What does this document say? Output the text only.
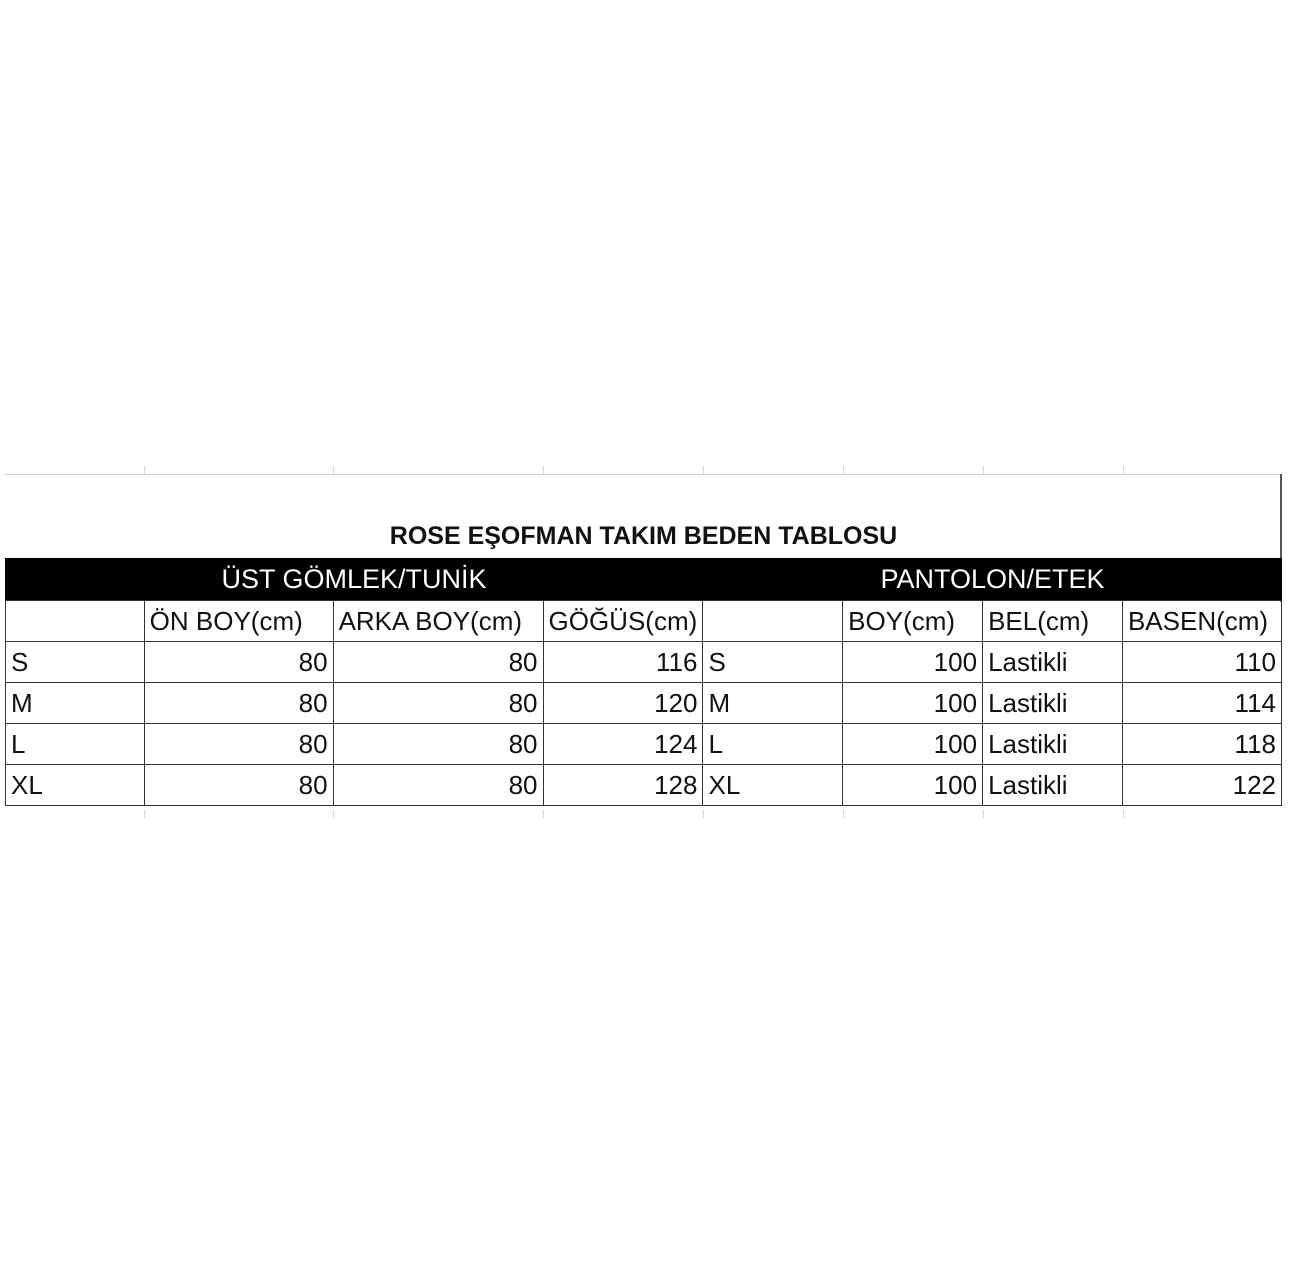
ROSE EŞOFMAN TAKIM BEDEN TABLOSU
ÜST GÖMLEK/TUNİK	PANTOLON/ETEK
	ÖN BOY(cm)	ARKA BOY(cm)	GÖĞÜS(cm)		BOY(cm)	BEL(cm)	BASEN(cm)
S	80	80	116	S	100	Lastikli	110
M	80	80	120	M	100	Lastikli	114
L	80	80	124	L	100	Lastikli	118
XL	80	80	128	XL	100	Lastikli	122
